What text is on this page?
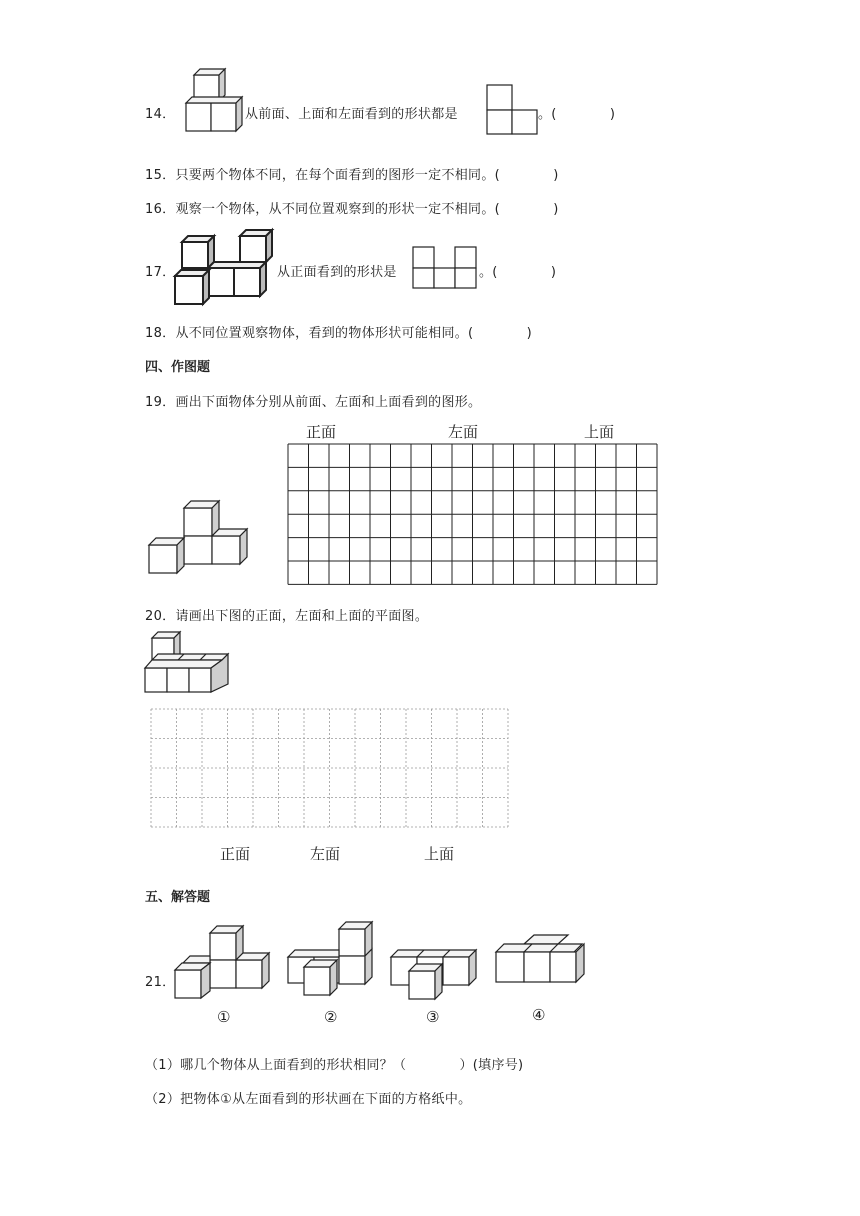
14．	从前面、上面和左面看到的形状都是	。(　　　　)
15．只要两个物体不同，在每个面看到的图形一定不相同。(　　　　)
16．观察一个物体，从不同位置观察到的形状一定不相同。(　　　　)
17．	从正面看到的形状是	。(　　　　)
18．从不同位置观察物体，看到的物体形状可能相同。(　　　　)
四、作图题
19．画出下面物体分别从前面、左面和上面看到的图形。
正面	左面	上面
20．请画出下图的正面，左面和上面的平面图。
正面	左面	上面
五、解答题
21．
①	②	③	④
（1）哪几个物体从上面看到的形状相同？（　　　　）(填序号)
（2）把物体①从左面看到的形状画在下面的方格纸中。
